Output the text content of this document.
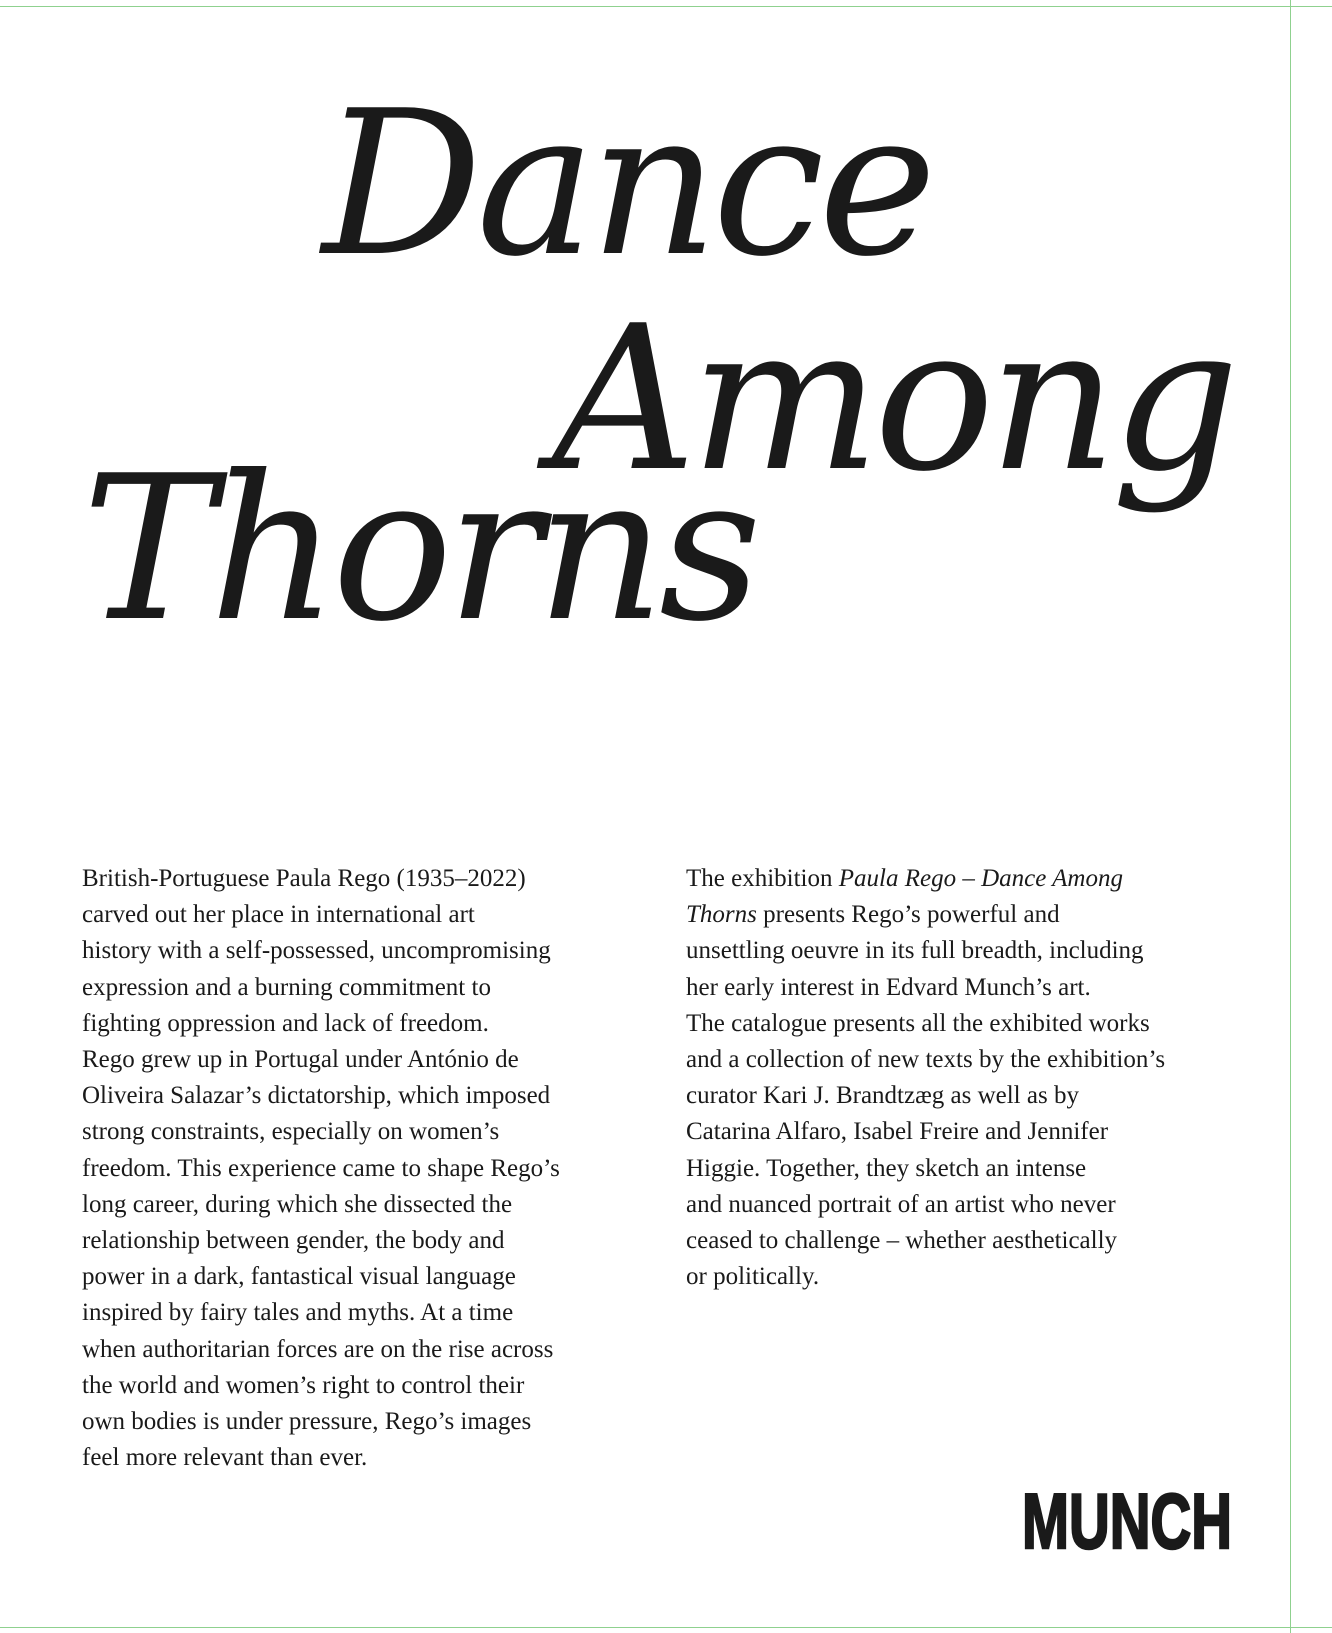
Dance
Among
Thorns
British-Portuguese Paula Rego (1935–2022)
carved out her place in international art
history with a self-possessed, uncompromising
expression and a burning commitment to
fighting oppression and lack of freedom.
Rego grew up in Portugal under António de
Oliveira Salazar’s dictatorship, which imposed
strong constraints, especially on women’s
freedom. This experience came to shape Rego’s
long career, during which she dissected the
relationship between gender, the body and
power in a dark, fantastical visual language
inspired by fairy tales and myths. At a time
when authoritarian forces are on the rise across
the world and women’s right to control their
own bodies is under pressure, Rego’s images
feel more relevant than ever.
The exhibition Paula Rego – Dance Among
Thorns presents Rego’s powerful and
unsettling oeuvre in its full breadth, including
her early interest in Edvard Munch’s art.
The catalogue presents all the exhibited works
and a collection of new texts by the exhibition’s
curator Kari J. Brandtzæg as well as by
Catarina Alfaro, Isabel Freire and Jennifer
Higgie. Together, they sketch an intense
and nuanced portrait of an artist who never
ceased to challenge – whether aesthetically
or politically.
MUNCH
